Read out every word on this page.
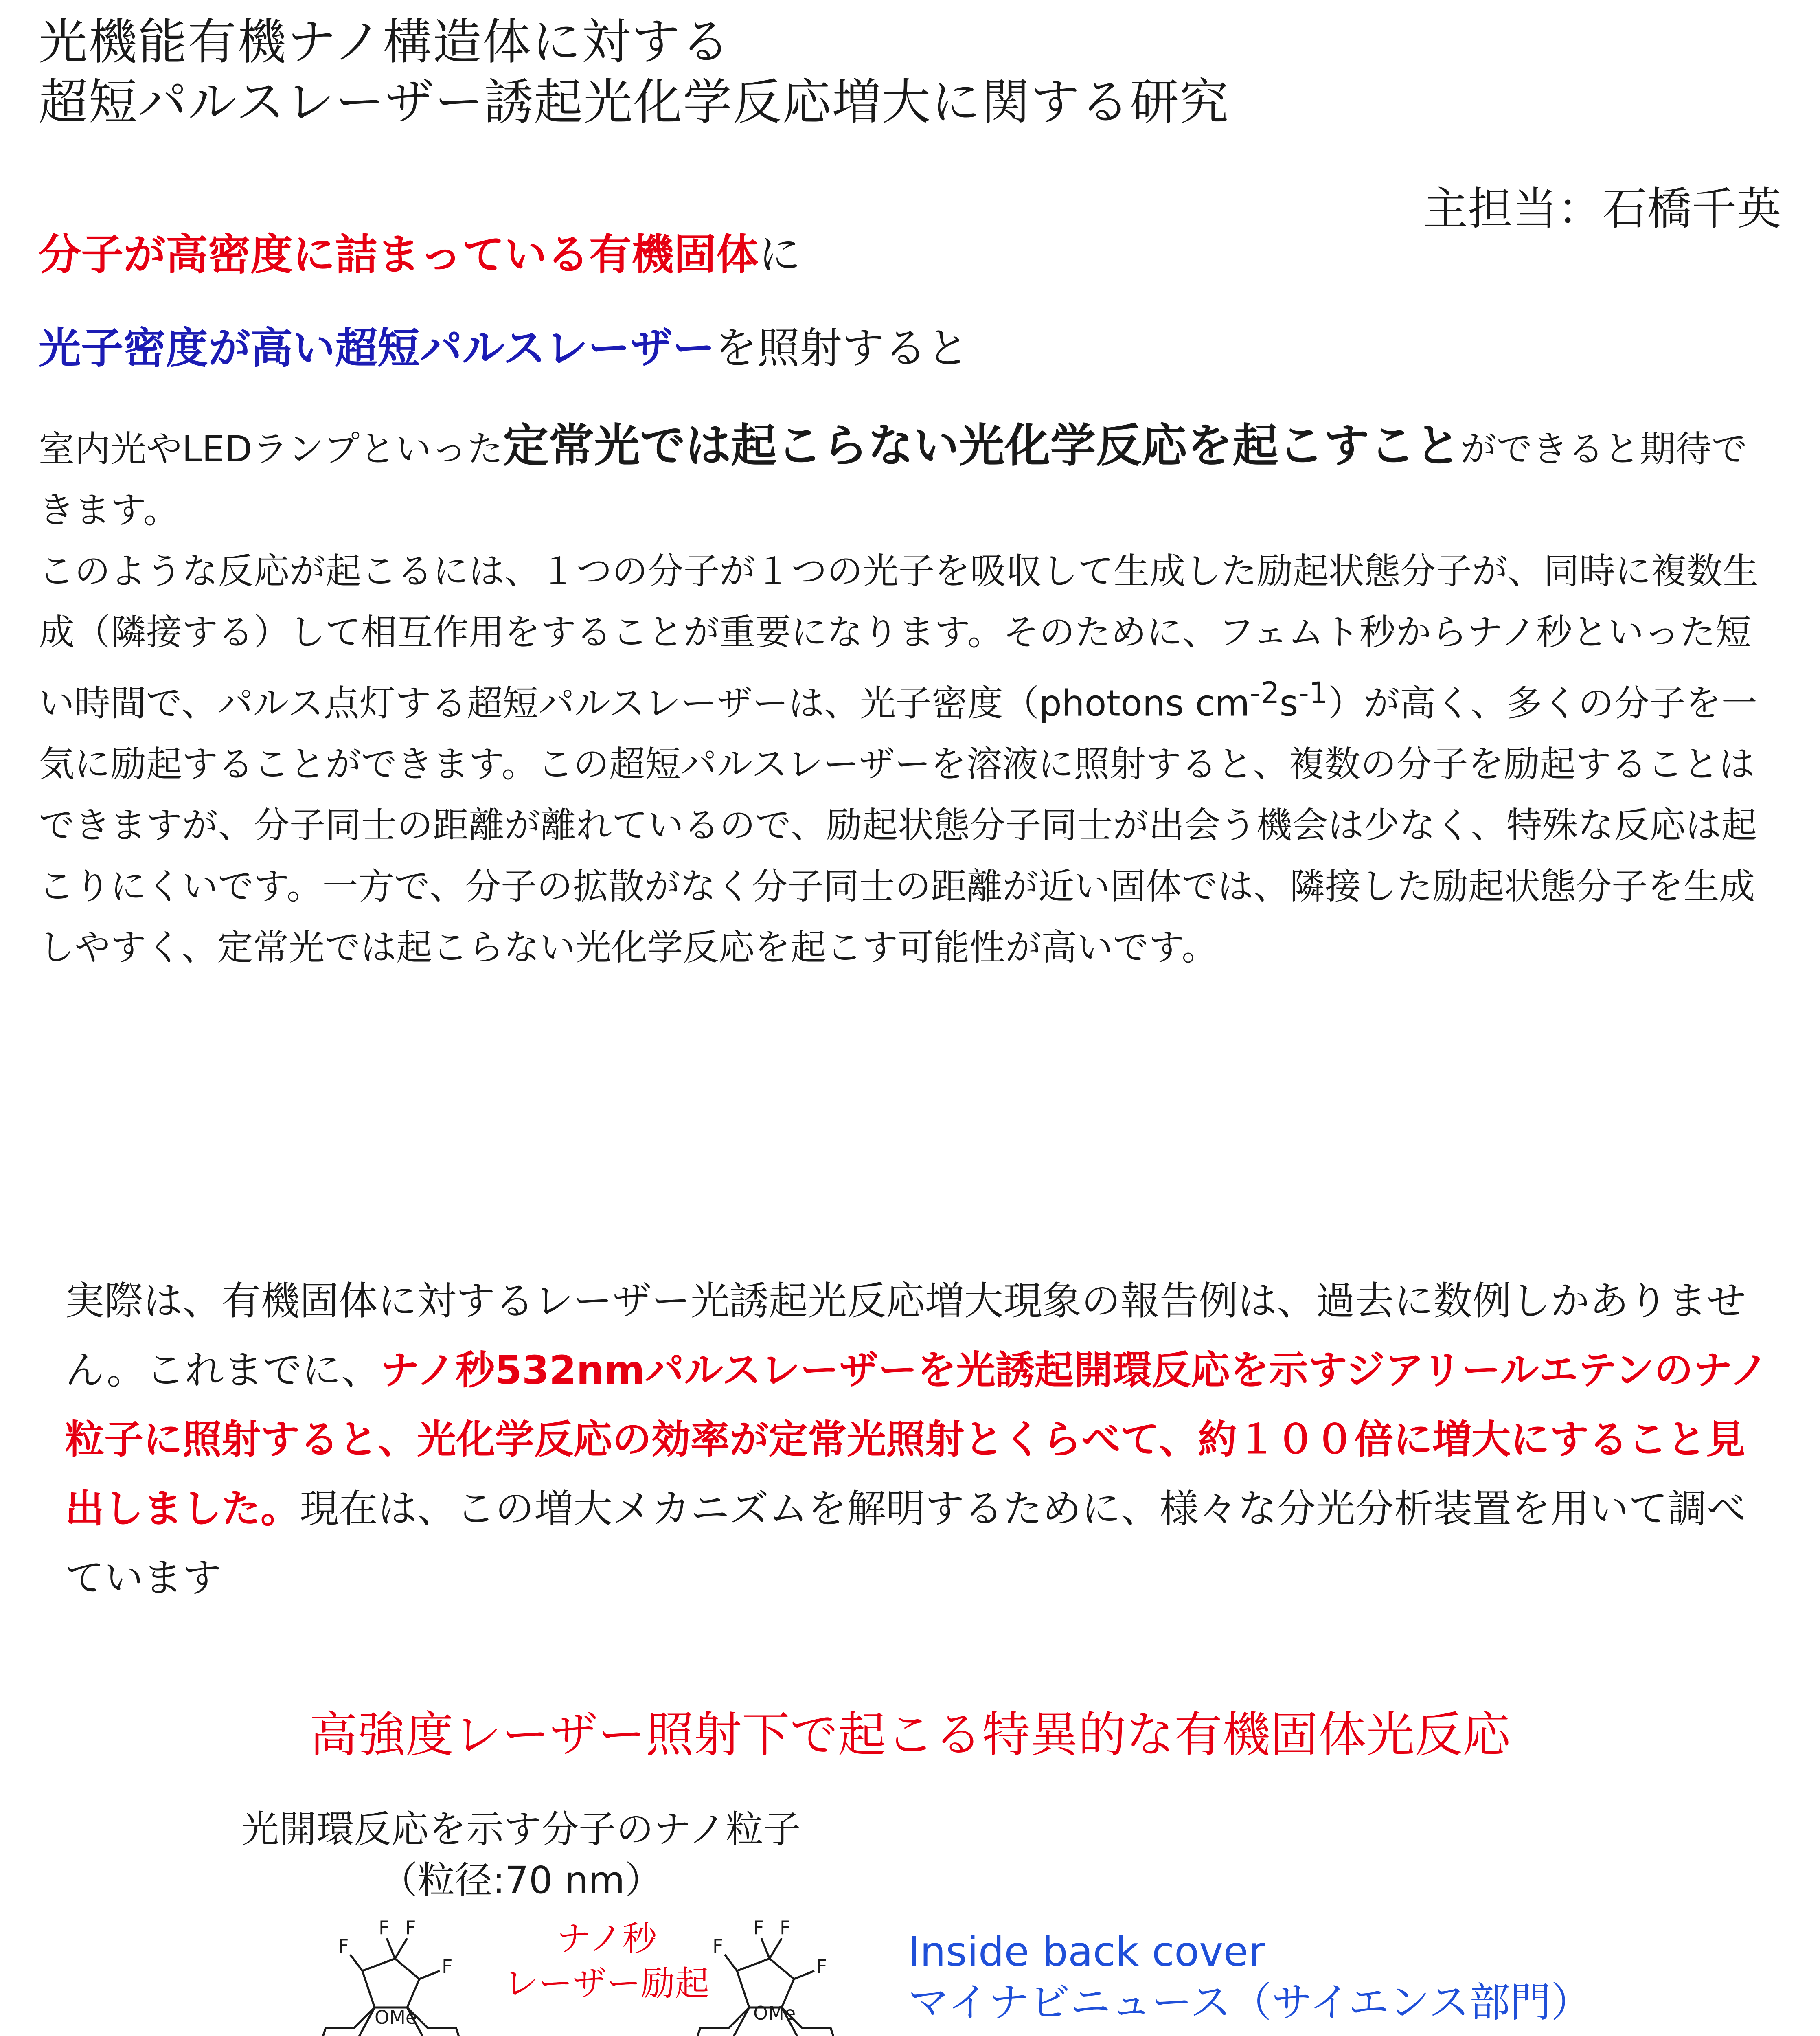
光機能有機ナノ構造体に対する
超短パルスレーザー誘起光化学反応増大に関する研究
主担当：石橋千英
分子が高密度に詰まっている有機固体に
光子密度が高い超短パルスレーザーを照射すると
室内光やLEDランプといった定常光では起こらない光化学反応を起こすことができると期待できます。
このような反応が起こるには、１つの分子が１つの光子を吸収して生成した励起状態分子が、同時に複数生成（隣接する）して相互作用をすることが重要になります。そのために、フェムト秒からナノ秒といった短い時間で、パルス点灯する超短パルスレーザーは、光子密度（photons $cm^{-2}s^{-1}$）が高く、多くの分子を一気に励起することができます。この超短パルスレーザーを溶液に照射すると、複数の分子を励起することはできますが、分子同士の距離が離れているので、励起状態分子同士が出会う機会は少なく、特殊な反応は起こりにくいです。一方で、分子の拡散がなく分子同士の距離が近い固体では、隣接した励起状態分子を生成しやすく、定常光では起こらない光化学反応を起こす可能性が高いです。
実際は、有機固体に対するレーザー光誘起光反応増大現象の報告例は、過去に数例しかありません。これまでに、ナノ秒532nmパルスレーザーを光誘起開環反応を示すジアリールエテンのナノ粒子に照射すると、光化学反応の効率が定常光照射とくらべて、約１００倍に増大にすること見出しました。現在は、この増大メカニズムを解明するために、様々な分光分析装置を用いて調べています
高強度レーザー照射下で起こる特異的な有機固体光反応
光開環反応を示す分子のナノ粒子
（粒径:70 nm）
F
F F
F
OMe
ナノ秒
レーザー励起
F
F F
F
OMe
Inside back cover
マイナビニュース（サイエンス部門）
